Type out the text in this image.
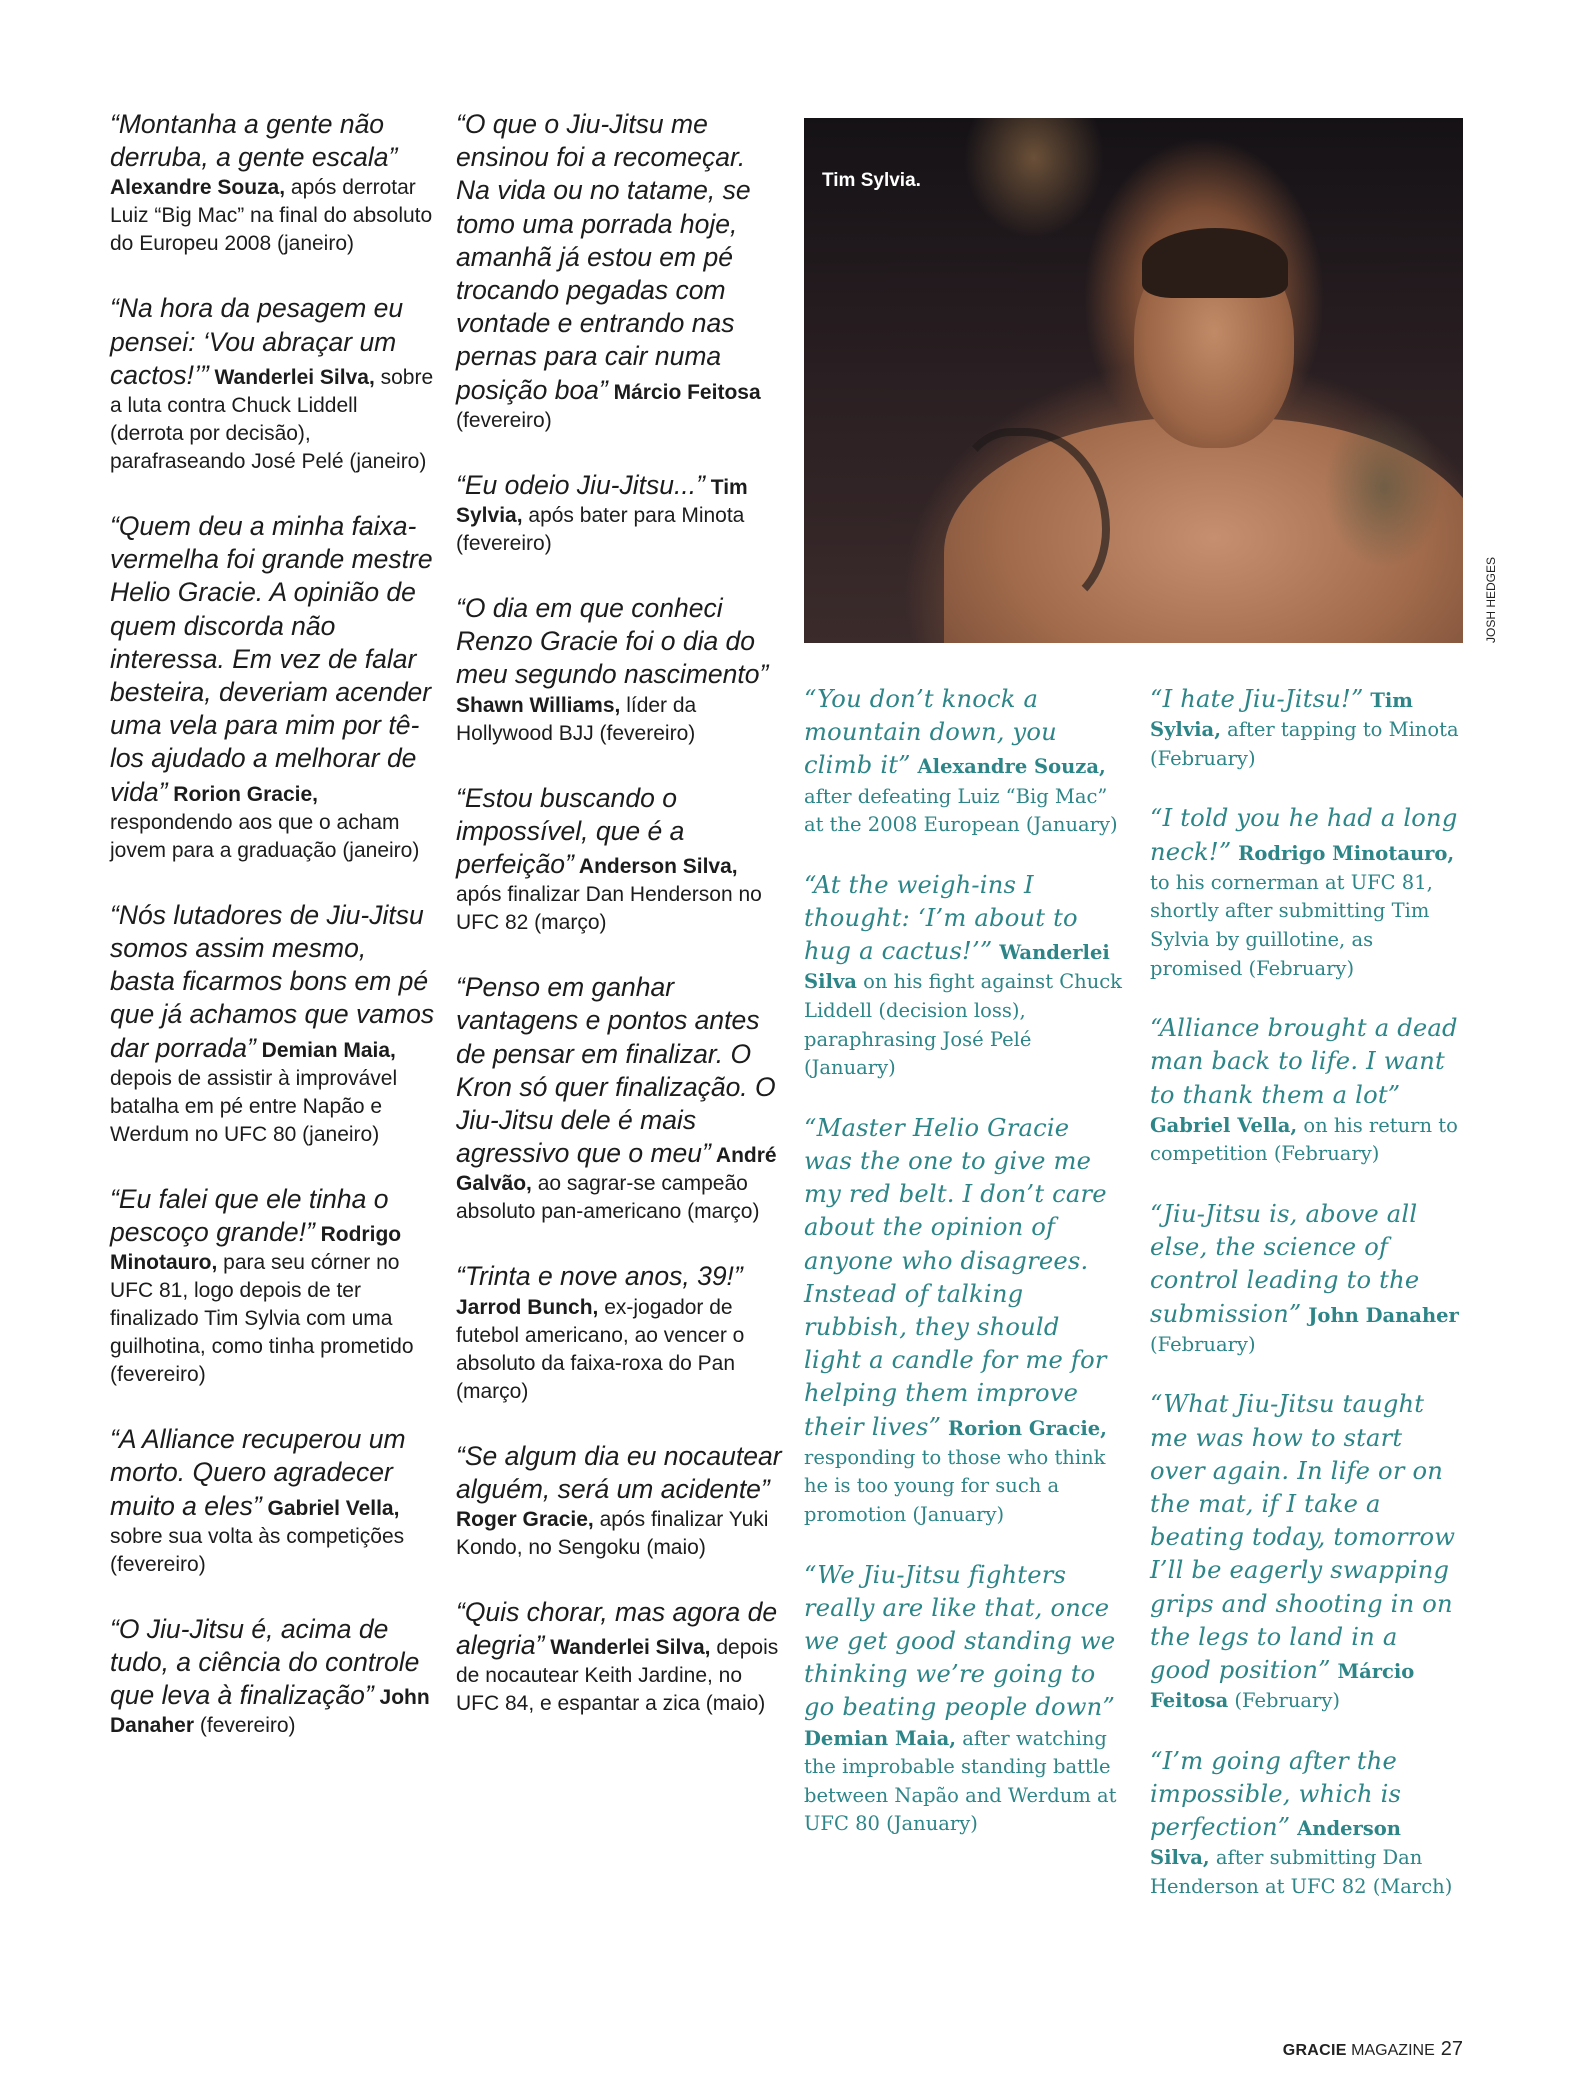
“Montanha a gente não derruba, a gente escala” Alexandre Souza, após derrotar Luiz “Big Mac” na final do absoluto do Europeu 2008 (janeiro)

“Na hora da pesagem eu pensei: ‘Vou abraçar um cactos!’” Wanderlei Silva, sobre a luta contra Chuck Liddell (derrota por decisão), parafraseando José Pelé (janeiro)

“Quem deu a minha faixa-vermelha foi grande mestre Helio Gracie. A opinião de quem discorda não interessa. Em vez de falar besteira, deveriam acender uma vela para mim por tê-los ajudado a melhorar de vida” Rorion Gracie, respondendo aos que o acham jovem para a graduação (janeiro)

“Nós lutadores de Jiu-Jitsu somos assim mesmo, basta ficarmos bons em pé que já achamos que vamos dar porrada” Demian Maia, depois de assistir à improvável batalha em pé entre Napão e Werdum no UFC 80 (janeiro)

“Eu falei que ele tinha o pescoço grande!” Rodrigo Minotauro, para seu córner no UFC 81, logo depois de ter finalizado Tim Sylvia com uma guilhotina, como tinha prometido (fevereiro)

“A Alliance recuperou um morto. Quero agradecer muito a eles” Gabriel Vella, sobre sua volta às competições (fevereiro)

“O Jiu-Jitsu é, acima de tudo, a ciência do controle que leva à finalização” John Danaher (fevereiro)

“O que o Jiu-Jitsu me ensinou foi a recomeçar. Na vida ou no tatame, se tomo uma porrada hoje, amanhã já estou em pé trocando pegadas com vontade e entrando nas pernas para cair numa posição boa” Márcio Feitosa (fevereiro)

“Eu odeio Jiu-Jitsu...” Tim Sylvia, após bater para Minota (fevereiro)

“O dia em que conheci Renzo Gracie foi o dia do meu segundo nascimento” Shawn Williams, líder da Hollywood BJJ (fevereiro)

“Estou buscando o impossível, que é a perfeição” Anderson Silva, após finalizar Dan Henderson no UFC 82 (março)

“Penso em ganhar vantagens e pontos antes de pensar em finalizar. O Kron só quer finalização. O Jiu-Jitsu dele é mais agressivo que o meu” André Galvão, ao sagrar-se campeão absoluto pan-americano (março)

“Trinta e nove anos, 39!” Jarrod Bunch, ex-jogador de futebol americano, ao vencer o absoluto da faixa-roxa do Pan (março)

“Se algum dia eu nocautear alguém, será um acidente” Roger Gracie, após finalizar Yuki Kondo, no Sengoku (maio)

“Quis chorar, mas agora de alegria” Wanderlei Silva, depois de nocautear Keith Jardine, no UFC 84, e espantar a zica (maio)

Tim Sylvia.
JOSH HEDGES

“You don’t knock a mountain down, you climb it” Alexandre Souza, after defeating Luiz “Big Mac” at the 2008 European (January)

“At the weigh-ins I thought: ‘I’m about to hug a cactus!’” Wanderlei Silva on his fight against Chuck Liddell (decision loss), paraphrasing José Pelé (January)

“Master Helio Gracie was the one to give me my red belt. I don’t care about the opinion of anyone who disagrees. Instead of talking rubbish, they should light a candle for me for helping them improve their lives” Rorion Gracie, responding to those who think he is too young for such a promotion (January)

“We Jiu-Jitsu fighters really are like that, once we get good standing we thinking we’re going to go beating people down” Demian Maia, after watching the improbable standing battle between Napão and Werdum at UFC 80 (January)

“I hate Jiu-Jitsu!” Tim Sylvia, after tapping to Minota (February)

“I told you he had a long neck!” Rodrigo Minotauro, to his cornerman at UFC 81, shortly after submitting Tim Sylvia by guillotine, as promised (February)

“Alliance brought a dead man back to life. I want to thank them a lot” Gabriel Vella, on his return to competition (February)

“Jiu-Jitsu is, above all else, the science of control leading to the submission” John Danaher (February)

“What Jiu-Jitsu taught me was how to start over again. In life or on the mat, if I take a beating today, tomorrow I’ll be eagerly swapping grips and shooting in on the legs to land in a good position” Márcio Feitosa (February)

“I’m going after the impossible, which is perfection” Anderson Silva, after submitting Dan Henderson at UFC 82 (March)

GRACIE MAGAZINE 27
